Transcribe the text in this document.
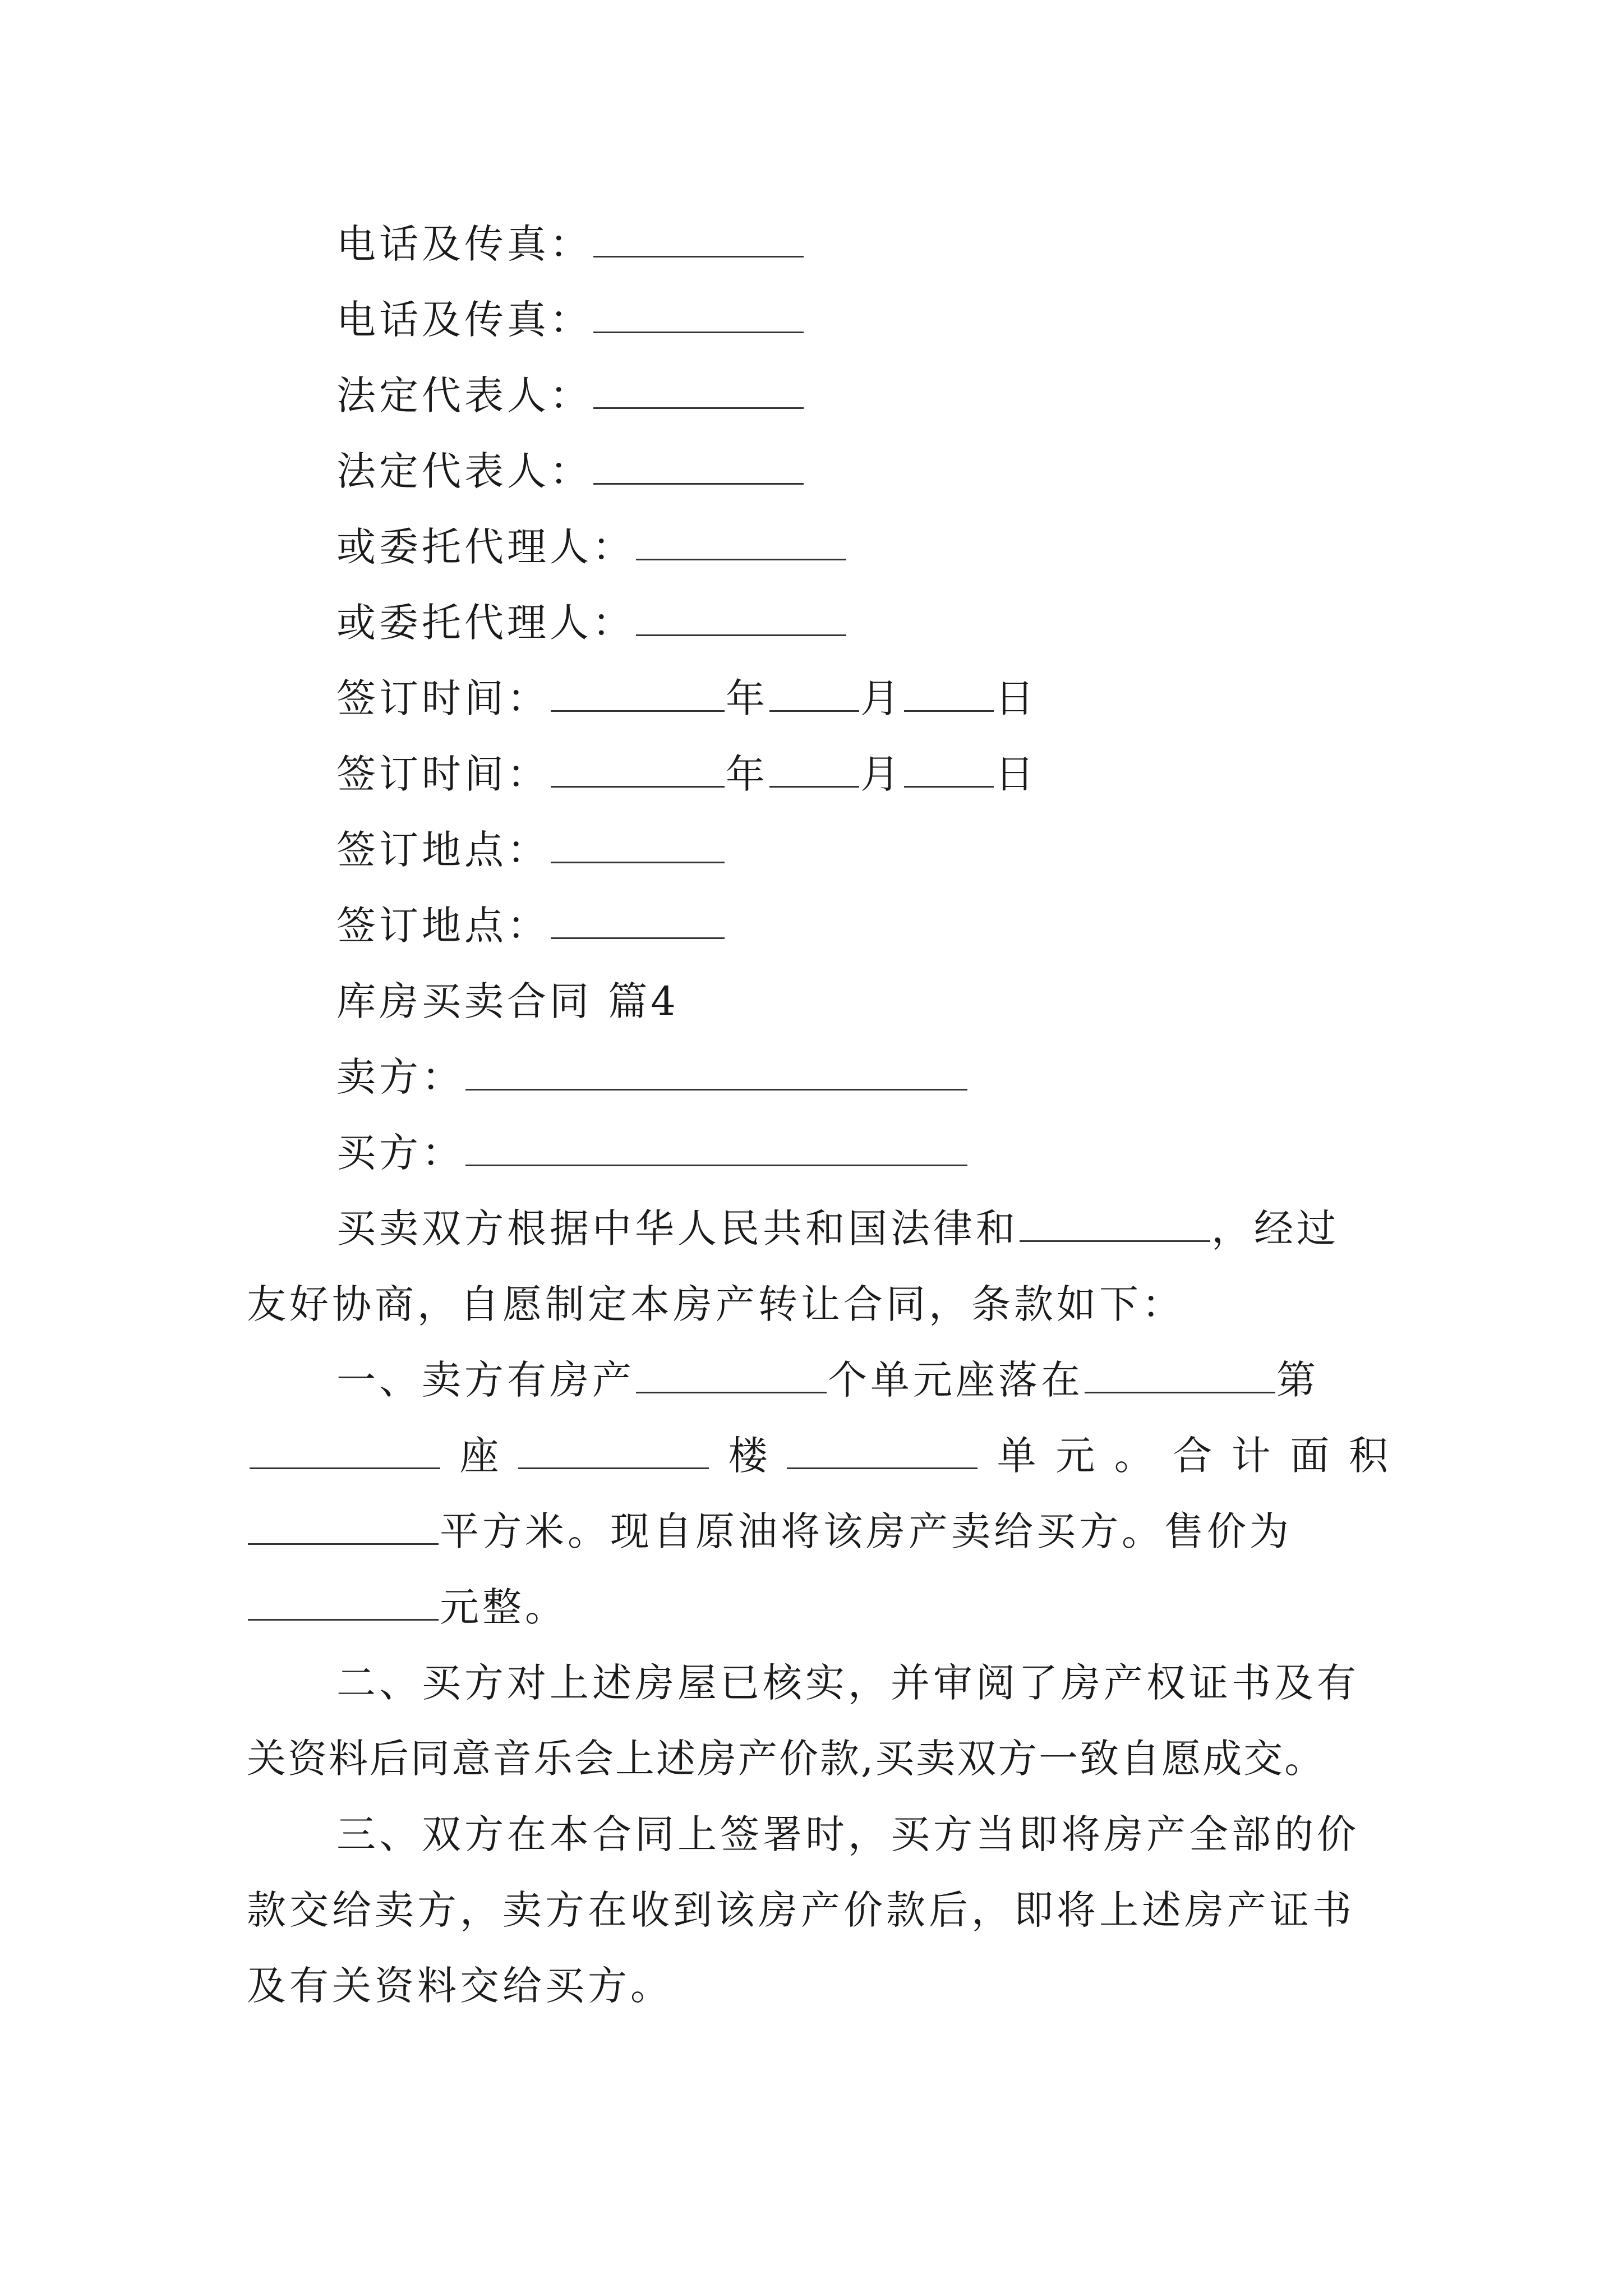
电话及传真：
电话及传真：
法定代表人：
法定代表人：
或委托代理人：
或委托代理人：
签订时间：	年 月 日
签订时间：	年 月 日
签订地点：
签订地点：
库房买卖合同 篇4
卖方：
买方：
买卖双方根据中华人民共和国法律和	，经过
友好协商，自愿制定本房产转让合同，条款如下：
一、卖方有房产	个单元座落在	第
座	楼	单 元 。 合 计 面 积
平方米。现自原油将该房产卖给买方。售价为
元整。
二、买方对上述房屋已核实，并审阅了房产权证书及有
关资料后同意音乐会上述房产价款,买卖双方一致自愿成交。
三、双方在本合同上签署时，买方当即将房产全部的价
款交给卖方，卖方在收到该房产价款后，即将上述房产证书
及有关资料交给买方。
